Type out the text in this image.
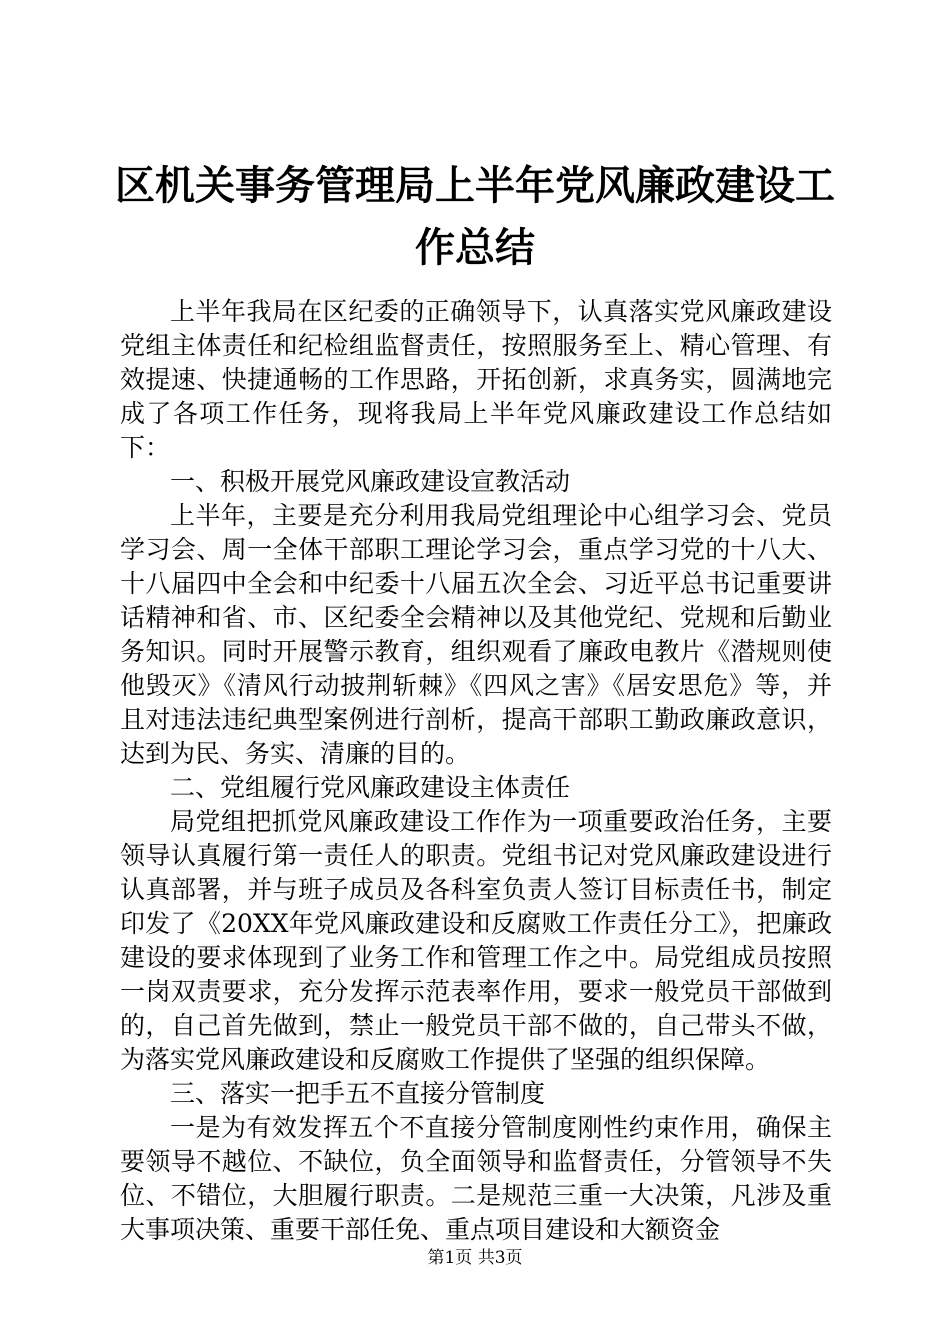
区机关事务管理局上半年党风廉政建设工作总结

上半年我局在区纪委的正确领导下，认真落实党风廉政建设党组主体责任和纪检组监督责任，按照服务至上、精心管理、有效提速、快捷通畅的工作思路，开拓创新，求真务实，圆满地完成了各项工作任务，现将我局上半年党风廉政建设工作总结如下：

一、积极开展党风廉政建设宣教活动

上半年，主要是充分利用我局党组理论中心组学习会、党员学习会、周一全体干部职工理论学习会，重点学习党的十八大、十八届四中全会和中纪委十八届五次全会、习近平总书记重要讲话精神和省、市、区纪委全会精神以及其他党纪、党规和后勤业务知识。同时开展警示教育，组织观看了廉政电教片《潜规则使他毁灭》《清风行动披荆斩棘》《四风之害》《居安思危》等，并且对违法违纪典型案例进行剖析，提高干部职工勤政廉政意识，达到为民、务实、清廉的目的。

二、党组履行党风廉政建设主体责任

局党组把抓党风廉政建设工作作为一项重要政治任务，主要领导认真履行第一责任人的职责。党组书记对党风廉政建设进行认真部署，并与班子成员及各科室负责人签订目标责任书，制定印发了《20XX年党风廉政建设和反腐败工作责任分工》，把廉政建设的要求体现到了业务工作和管理工作之中。局党组成员按照一岗双责要求，充分发挥示范表率作用，要求一般党员干部做到的，自己首先做到，禁止一般党员干部不做的，自己带头不做，为落实党风廉政建设和反腐败工作提供了坚强的组织保障。

三、落实一把手五不直接分管制度

一是为有效发挥五个不直接分管制度刚性约束作用，确保主要领导不越位、不缺位，负全面领导和监督责任，分管领导不失位、不错位，大胆履行职责。二是规范三重一大决策，凡涉及重大事项决策、重要干部任免、重点项目建设和大额资金

第1页 共3页
